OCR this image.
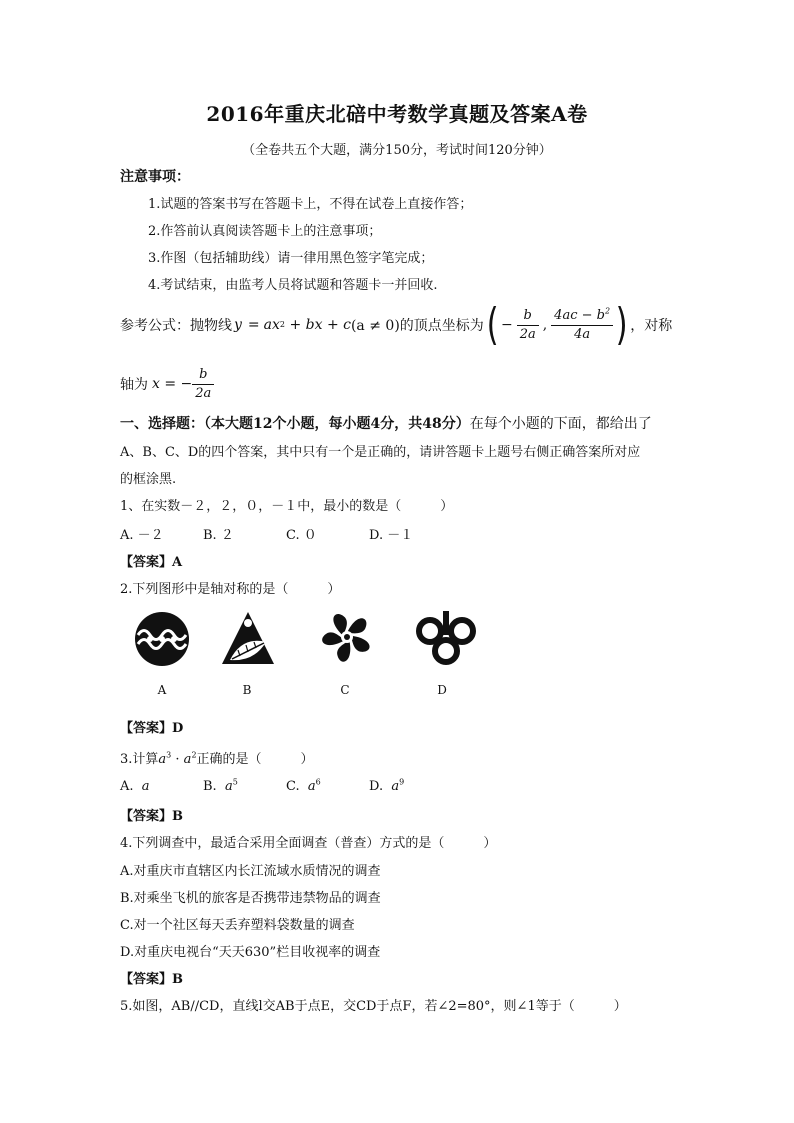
2016年重庆北碚中考数学真题及答案A卷
（全卷共五个大题，满分150分，考试时间120分钟）
注意事项：
1.试题的答案书写在答题卡上，不得在试卷上直接作答；
2.作答前认真阅读答题卡上的注意事项；
3.作图（包括辅助线）请一律用黑色签字笔完成；
4.考试结束，由监考人员将试题和答题卡一并回收.
参考公式：抛物线 y = ax 2 + bx + c (a ≠ 0)的顶点坐标为 ( − $\frac{b}{2a}$ , $\frac{4ac - b^2}{4a}$ ) ，对称
轴为 x = − $\frac{b}{2a}$
一、选择题：（本大题12个小题，每小题4分，共48分）在每个小题的下面，都给出了
A、B、C、D的四个答案，其中只有一个是正确的，请讲答题卡上题号右侧正确答案所对应
的框涂黑.
1、在实数－２，２，０，－１中，最小的数是（　　　）
A. －２	B. ２	C. ０	D. －１
【答案】A
2.下列图形中是轴对称的是（　　　）
A	B	C	D
【答案】D
3.计算$a^3 \cdot a^2$正确的是（　　　）
A. a	B. $a^5$	C. $a^6$	D. $a^9$
【答案】B
4.下列调查中，最适合采用全面调查（普查）方式的是（　　　）
A.对重庆市直辖区内长江流域水质情况的调查
B.对乘坐飞机的旅客是否携带违禁物品的调查
C.对一个社区每天丢弃塑料袋数量的调查
D.对重庆电视台“天天630”栏目收视率的调查
【答案】B
5.如图，AB//CD，直线l交AB于点E，交CD于点F，若∠2=80°，则∠1等于（　　　）
